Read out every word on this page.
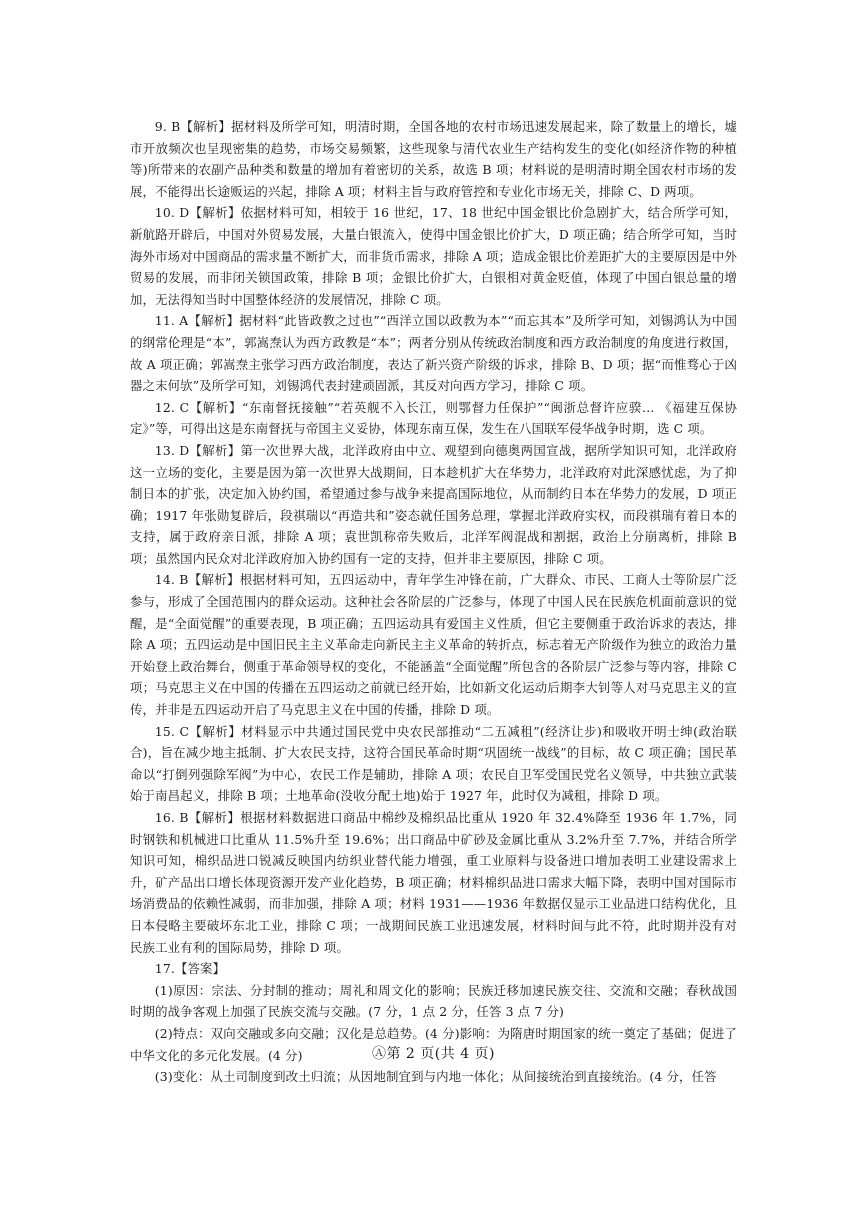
9. B【解析】据材料及所学可知，明清时期，全国各地的农村市场迅速发展起来，除了数量上的增长，墟市开放频次也呈现密集的趋势，市场交易频繁，这些现象与清代农业生产结构发生的变化(如经济作物的种植等)所带来的农副产品种类和数量的增加有着密切的关系，故选 B 项；材料说的是明清时期全国农村市场的发展，不能得出长途贩运的兴起，排除 A 项；材料主旨与政府管控和专业化市场无关，排除 C、D 两项。

10. D【解析】依据材料可知，相较于 16 世纪，17、18 世纪中国金银比价急剧扩大，结合所学可知，新航路开辟后，中国对外贸易发展，大量白银流入，使得中国金银比价扩大，D 项正确；结合所学可知，当时海外市场对中国商品的需求量不断扩大，而非货币需求，排除 A 项；造成金银比价差距扩大的主要原因是中外贸易的发展，而非闭关锁国政策，排除 B 项；金银比价扩大，白银相对黄金贬值，体现了中国白银总量的增加，无法得知当时中国整体经济的发展情况，排除 C 项。

11. A【解析】据材料“此皆政教之过也”“西洋立国以政教为本”“而忘其本”及所学可知，刘锡鸿认为中国的纲常伦理是“本”，郭嵩焘认为西方政教是“本”；两者分别从传统政治制度和西方政治制度的角度进行救国，故 A 项正确；郭嵩焘主张学习西方政治制度，表达了新兴资产阶级的诉求，排除 B、D 项；据“而惟骛心于凶器之末何欤”及所学可知，刘锡鸿代表封建顽固派，其反对向西方学习，排除 C 项。

12. C【解析】“东南督抚接触”“若英舰不入长江，则鄂督力任保护”“闽浙总督许应骙… 《福建互保协定》”等，可得出这是东南督抚与帝国主义妥协，体现东南互保，发生在八国联军侵华战争时期，选 C 项。

13. D【解析】第一次世界大战，北洋政府由中立、观望到向德奥两国宣战，据所学知识可知，北洋政府这一立场的变化，主要是因为第一次世界大战期间，日本趁机扩大在华势力，北洋政府对此深感忧虑，为了抑制日本的扩张，决定加入协约国，希望通过参与战争来提高国际地位，从而制约日本在华势力的发展，D 项正确；1917 年张勋复辟后，段祺瑞以“再造共和”姿态就任国务总理，掌握北洋政府实权，而段祺瑞有着日本的支持，属于政府亲日派，排除 A 项；袁世凯称帝失败后，北洋军阀混战和割据，政治上分崩离析，排除 B 项；虽然国内民众对北洋政府加入协约国有一定的支持，但并非主要原因，排除 C 项。

14. B【解析】根据材料可知，五四运动中，青年学生冲锋在前，广大群众、市民、工商人士等阶层广泛参与，形成了全国范围内的群众运动。这种社会各阶层的广泛参与，体现了中国人民在民族危机面前意识的觉醒，是“全面觉醒”的重要表现，B 项正确；五四运动具有爱国主义性质，但它主要侧重于政治诉求的表达，排除 A 项；五四运动是中国旧民主主义革命走向新民主主义革命的转折点，标志着无产阶级作为独立的政治力量开始登上政治舞台，侧重于革命领导权的变化，不能涵盖“全面觉醒”所包含的各阶层广泛参与等内容，排除 C 项；马克思主义在中国的传播在五四运动之前就已经开始，比如新文化运动后期李大钊等人对马克思主义的宣传，并非是五四运动开启了马克思主义在中国的传播，排除 D 项。

15. C【解析】材料显示中共通过国民党中央农民部推动“二五减租”(经济让步)和吸收开明士绅(政治联合)，旨在减少地主抵制、扩大农民支持，这符合国民革命时期“巩固统一战线”的目标，故 C 项正确；国民革命以“打倒列强除军阀”为中心，农民工作是辅助，排除 A 项；农民自卫军受国民党名义领导，中共独立武装始于南昌起义，排除 B 项；土地革命(没收分配土地)始于 1927 年，此时仅为减租，排除 D 项。

16. B【解析】根据材料数据进口商品中棉纱及棉织品比重从 1920 年 32.4%降至 1936 年 1.7%，同时钢铁和机械进口比重从 11.5%升至 19.6%；出口商品中矿砂及金属比重从 3.2%升至 7.7%，并结合所学知识可知，棉织品进口锐减反映国内纺织业替代能力增强，重工业原料与设备进口增加表明工业建设需求上升，矿产品出口增长体现资源开发产业化趋势，B 项正确；材料棉织品进口需求大幅下降，表明中国对国际市场消费品的依赖性减弱，而非加强，排除 A 项；材料 1931——1936 年数据仅显示工业品进口结构优化，且日本侵略主要破坏东北工业，排除 C 项；一战期间民族工业迅速发展，材料时间与此不符，此时期并没有对民族工业有利的国际局势，排除 D 项。

17.【答案】

(1)原因：宗法、分封制的推动；周礼和周文化的影响；民族迁移加速民族交往、交流和交融；春秋战国时期的战争客观上加强了民族交流与交融。(7 分，1 点 2 分，任答 3 点 7 分)

(2)特点：双向交融或多向交融；汉化是总趋势。(4 分)影响：为隋唐时期国家的统一奠定了基础；促进了中华文化的多元化发展。(4 分)

(3)变化：从土司制度到改土归流；从因地制宜到与内地一体化；从间接统治到直接统治。(4 分，任答

Ⓐ第 2 页(共 4 页)
